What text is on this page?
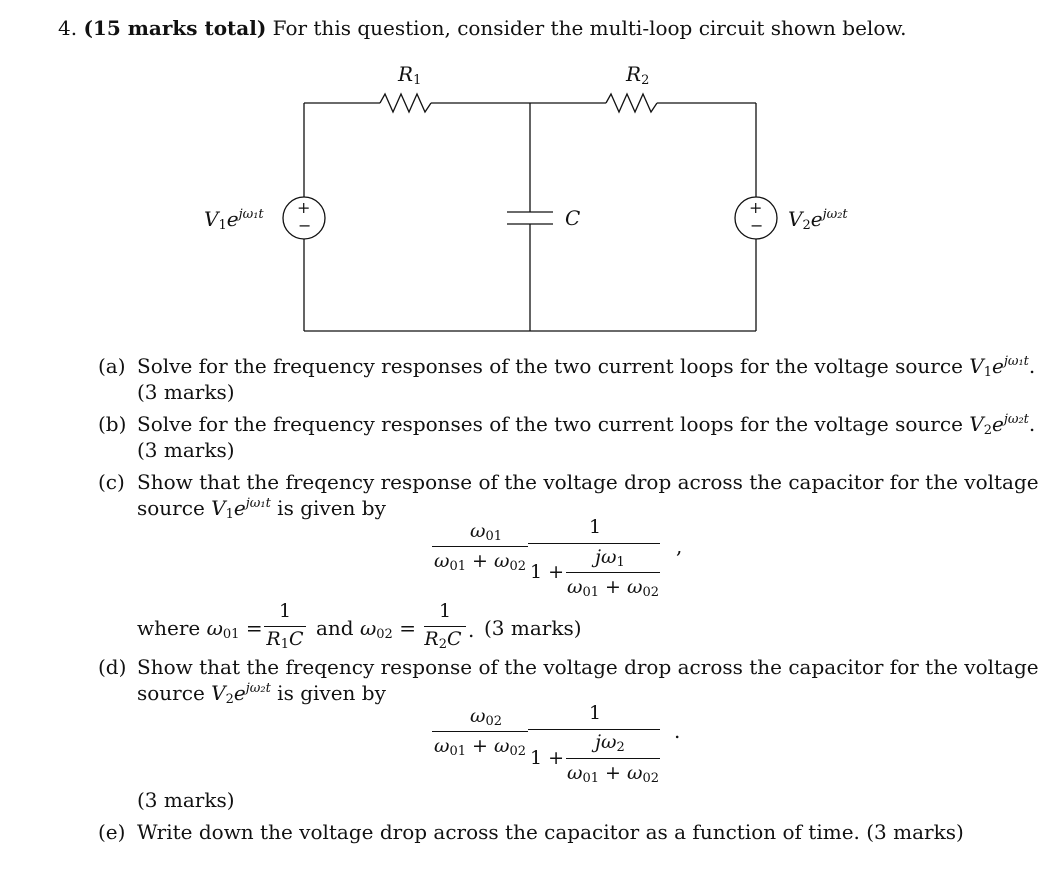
4. (15 marks total) For this question, consider the multi-loop circuit shown below.
$R_1$	$R_2$
C
$V_1e^{j\omega_1t}$	$V_2e^{j\omega_2t}$
+
−
+
−
(a) Solve for the frequency responses of the two current loops for the voltage source $V_1e^{j\omega_1t}$.
(3 marks)
(b) Solve for the frequency responses of the two current loops for the voltage source $V_2e^{j\omega_2t}$.
(3 marks)
(c) Show that the freqency response of the voltage drop across the capacitor for the voltage
source $V_1e^{j\omega_1t}$ is given by
$\omega_{01}$
$\omega_{01} + \omega_{02}$
1
1 +
$j\omega_1$
$\omega_{01} + \omega_{02}$
,
where $\omega_{01}$ =
1
$R_1C$ and $\omega_{02}$ =
1
$R_2C$ . (3 marks)
(d) Show that the freqency response of the voltage drop across the capacitor for the voltage
source $V_2e^{j\omega_2t}$ is given by
$\omega_{02}$
$\omega_{01} + \omega_{02}$
1
1 +
$j\omega_2$
$\omega_{01} + \omega_{02}$
.
(3 marks)
(e) Write down the voltage drop across the capacitor as a function of time. (3 marks)
